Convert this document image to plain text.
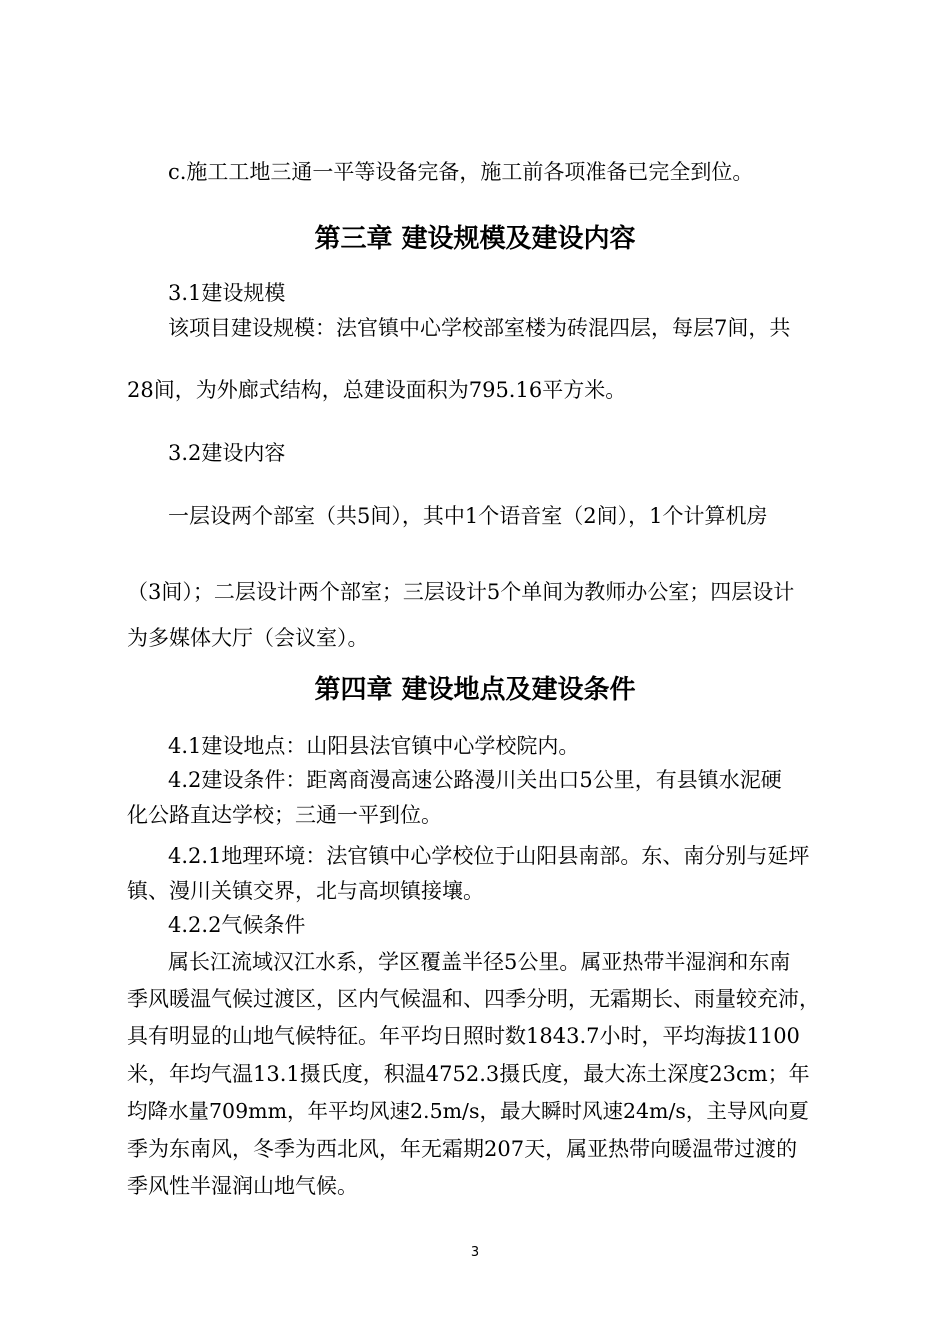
c.施工工地三通一平等设备完备，施工前各项准备已完全到位。
第三章 建设规模及建设内容
3.1建设规模
该项目建设规模：法官镇中心学校部室楼为砖混四层，每层7间，共
28间，为外廊式结构，总建设面积为795.16平方米。
3.2建设内容
一层设两个部室（共5间），其中1个语音室（2间），1个计算机房
（3间）；二层设计两个部室；三层设计5个单间为教师办公室；四层设计
为多媒体大厅（会议室）。
第四章 建设地点及建设条件
4.1建设地点：山阳县法官镇中心学校院内。
4.2建设条件：距离商漫高速公路漫川关出口5公里，有县镇水泥硬
化公路直达学校；三通一平到位。
4.2.1地理环境：法官镇中心学校位于山阳县南部。东、南分别与延坪
镇、漫川关镇交界，北与高坝镇接壤。
4.2.2气候条件
属长江流域汉江水系，学区覆盖半径5公里。属亚热带半湿润和东南
季风暖温气候过渡区，区内气候温和、四季分明，无霜期长、雨量较充沛，
具有明显的山地气候特征。年平均日照时数1843.7小时，平均海拔1100
米，年均气温13.1摄氏度，积温4752.3摄氏度，最大冻土深度23cm；年
均降水量709mm，年平均风速2.5m/s，最大瞬时风速24m/s，主导风向夏
季为东南风，冬季为西北风，年无霜期207天，属亚热带向暖温带过渡的
季风性半湿润山地气候。
3
